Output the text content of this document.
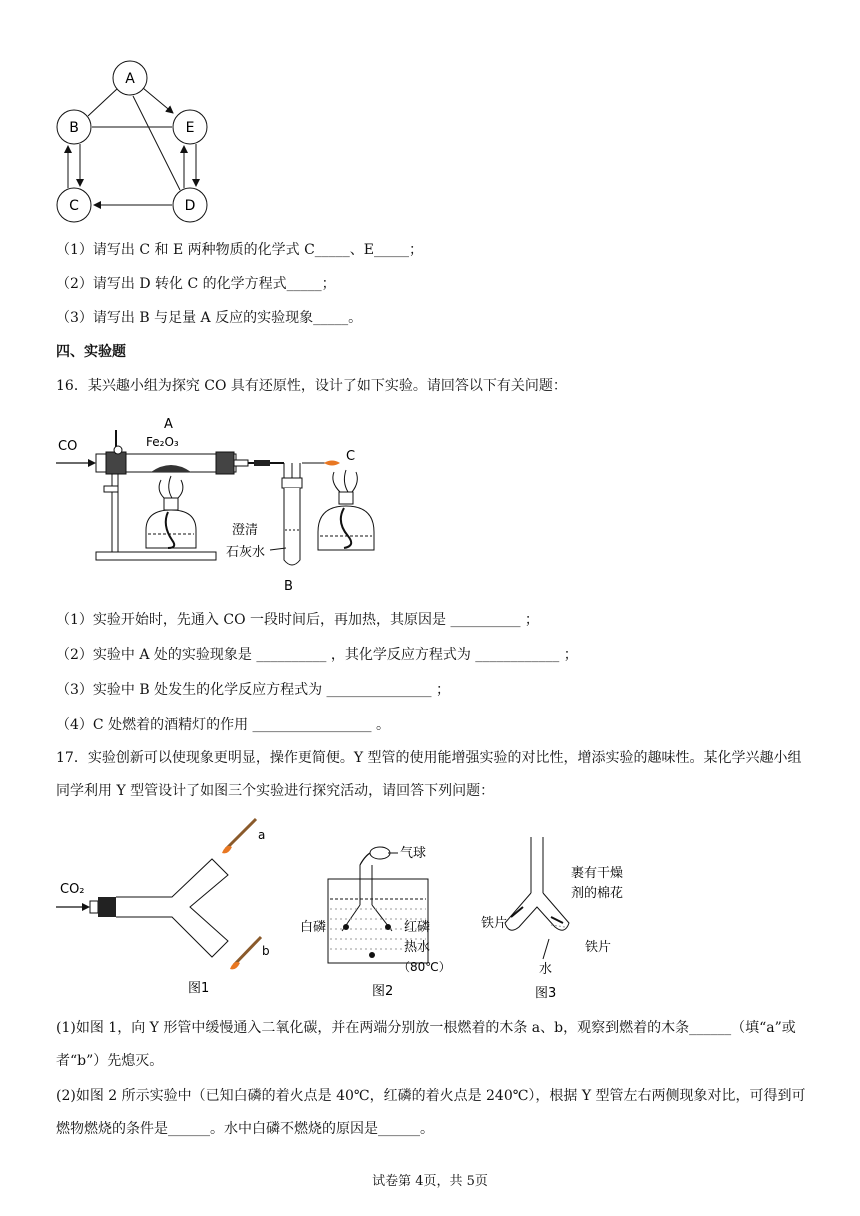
A
B	E
C	D
（1）请写出 C 和 E 两种物质的化学式 C_____、E_____；
（2）请写出 D 转化 C 的化学方程式_____；
（3）请写出 B 与足量 A 反应的实验现象_____。
四、实验题
16．某兴趣小组为探究 CO 具有还原性，设计了如下实验。请回答以下有关问题：
CO
A
Fe₂O₃
C
澄清
石灰水
B
（1）实验开始时，先通入 CO 一段时间后，再加热，其原因是 __________ ；
（2）实验中 A 处的实验现象是 __________ ，其化学反应方程式为 ____________ ；
（3）实验中 B 处发生的化学反应方程式为 _______________ ；
（4）C 处燃着的酒精灯的作用 _________________ 。
17．实验创新可以使现象更明显，操作更简便。Y 型管的使用能增强实验的对比性，增添实验的趣味性。某化学兴趣小组同学利用 Y 型管设计了如图三个实验进行探究活动，请回答下列问题：
CO₂
a
b
图1
气球
白磷	红磷
热水
（80℃）
图2
铁片
裹有干燥
剂的棉花
铁片
水
图3
(1)如图 1，向 Y 形管中缓慢通入二氧化碳，并在两端分别放一根燃着的木条 a、b，观察到燃着的木条______（填“a”或者“b”）先熄灭。
(2)如图 2 所示实验中（已知白磷的着火点是 40℃，红磷的着火点是 240℃），根据 Y 型管左右两侧现象对比，可得到可燃物燃烧的条件是______。水中白磷不燃烧的原因是______。
试卷第 4页，共 5页
